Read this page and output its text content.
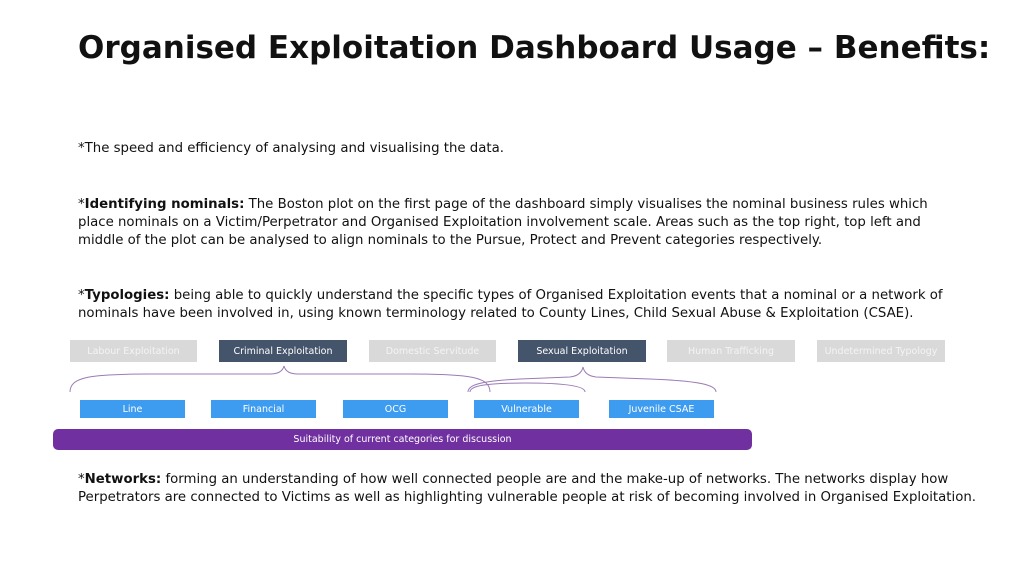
Organised Exploitation Dashboard Usage – Benefits:
*The speed and efficiency of analysing and visualising the data.
*Identifying nominals: The Boston plot on the first page of the dashboard simply visualises the nominal business rules which place nominals on a Victim/Perpetrator and Organised Exploitation involvement scale. Areas such as the top right, top left and middle of the plot can be analysed to align nominals to the Pursue, Protect and Prevent categories respectively.
*Typologies: being able to quickly understand the specific types of Organised Exploitation events that a nominal or a network of nominals have been involved in, using known terminology related to County Lines, Child Sexual Abuse & Exploitation (CSAE).
Labour Exploitation	Criminal Exploitation	Domestic Servitude	Sexual Exploitation	Human Trafficking	Undetermined Typology
Line	Financial	OCG	Vulnerable	Juvenile CSAE
Suitability of current categories for discussion
*Networks: forming an understanding of how well connected people are and the make-up of networks. The networks display how Perpetrators are connected to Victims as well as highlighting vulnerable people at risk of becoming involved in Organised Exploitation.
